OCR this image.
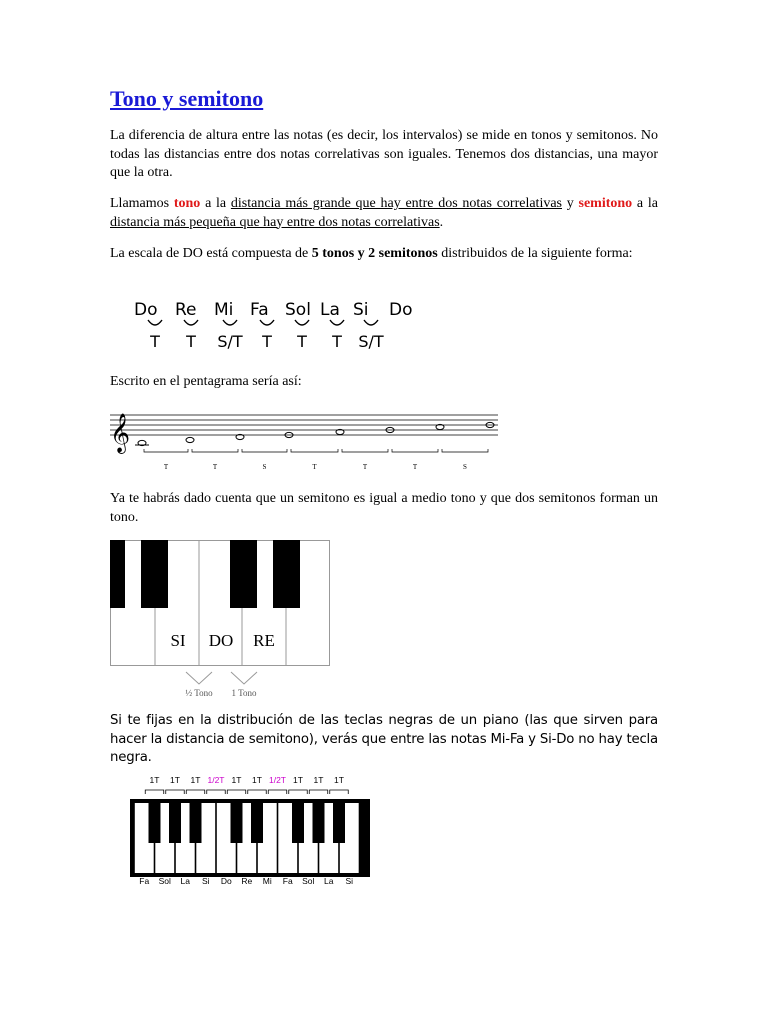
Tono y semitono

La diferencia de altura entre las notas (es decir, los intervalos) se mide en tonos y semitonos. No todas las distancias entre dos notas correlativas son iguales. Tenemos dos distancias, una mayor que la otra.

Llamamos tono a la distancia más grande que hay entre dos notas correlativas y semitono a la distancia más pequeña que hay entre dos notas correlativas.

La escala de DO está compuesta de 5 tonos y 2 semitonos distribuidos de la siguiente forma:

Do Re Mi Fa Sol La Si Do
T T S/T T T T S/T

Escrito en el pentagrama sería así:

𝄞
T	T	S	T	T	T	S

Ya te habrás dado cuenta que un semitono es igual a medio tono y que dos semitonos forman un tono.

SI DO RE
½ Tono 1 Tono

Si te fijas en la distribución de las teclas negras de un piano (las que sirven para hacer la distancia de semitono), verás que entre las notas Mi-Fa y Si-Do no hay tecla negra.

1T 1T 1T 1/2T 1T 1T 1/2T 1T 1T 1T
Fa Sol La Si Do Re Mi Fa Sol La Si
